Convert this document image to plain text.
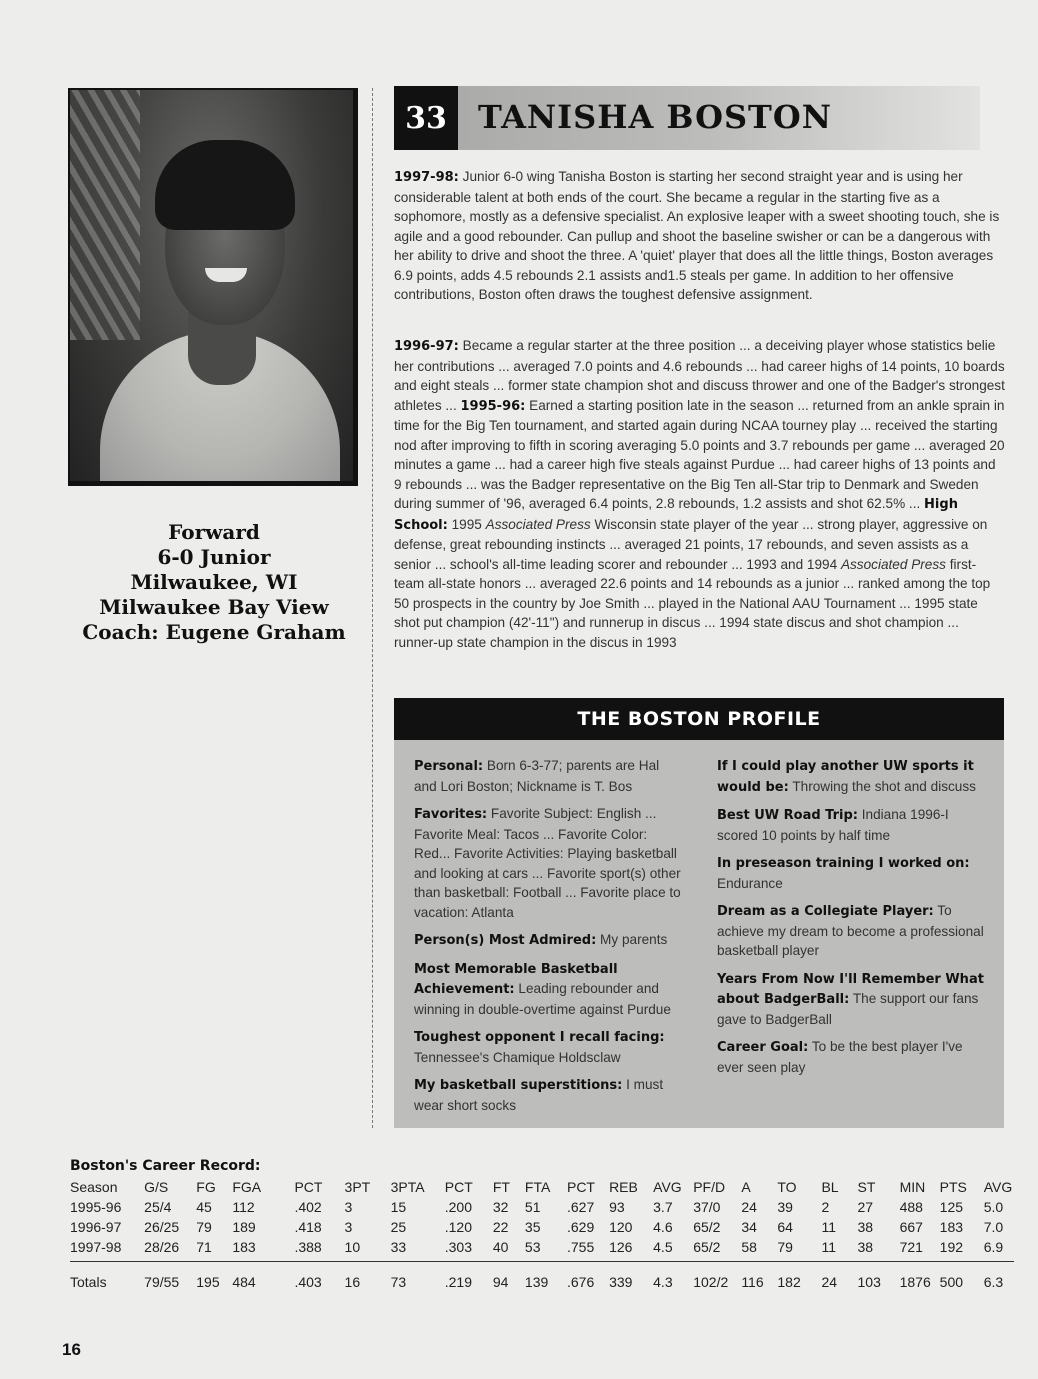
Forward
6-0 Junior
Milwaukee, WI
Milwaukee Bay View
Coach: Eugene Graham
33 TANISHA BOSTON
1997-98: Junior 6-0 wing Tanisha Boston is starting her second straight year and is using her considerable talent at both ends of the court. She became a regular in the starting five as a sophomore, mostly as a defensive specialist. An explosive leaper with a sweet shooting touch, she is agile and a good rebounder. Can pullup and shoot the baseline swisher or can be a dangerous with her ability to drive and shoot the three. A 'quiet' player that does all the little things, Boston averages 6.9 points, adds 4.5 rebounds 2.1 assists and1.5 steals per game. In addition to her offensive contributions, Boston often draws the toughest defensive assignment.
1996-97: Became a regular starter at the three position ... a deceiving player whose statistics belie her contributions ... averaged 7.0 points and 4.6 rebounds ... had career highs of 14 points, 10 boards and eight steals ... former state champion shot and discuss thrower and one of the Badger's strongest athletes ... 1995-96: Earned a starting position late in the season ... returned from an ankle sprain in time for the Big Ten tournament, and started again during NCAA tourney play ... received the starting nod after improving to fifth in scoring averaging 5.0 points and 3.7 rebounds per game ... averaged 20 minutes a game ... had a career high five steals against Purdue ... had career highs of 13 points and 9 rebounds ... was the Badger representative on the Big Ten all-Star trip to Denmark and Sweden during summer of '96, averaged 6.4 points, 2.8 rebounds, 1.2 assists and shot 62.5% ... High School: 1995 Associated Press Wisconsin state player of the year ... strong player, aggressive on defense, great rebounding instincts ... averaged 21 points, 17 rebounds, and seven assists as a senior ... school's all-time leading scorer and rebounder ... 1993 and 1994 Associated Press first-team all-state honors ... averaged 22.6 points and 14 rebounds as a junior ... ranked among the top 50 prospects in the country by Joe Smith ... played in the National AAU Tournament ... 1995 state shot put champion (42'-11") and runnerup in discus ... 1994 state discus and shot champion ... runner-up state champion in the discus in 1993
THE BOSTON PROFILE
Personal: Born 6-3-77; parents are Hal and Lori Boston; Nickname is T. Bos
Favorites: Favorite Subject: English ... Favorite Meal: Tacos ... Favorite Color: Red... Favorite Activities: Playing basketball and looking at cars ... Favorite sport(s) other than basketball: Football ... Favorite place to vacation: Atlanta
Person(s) Most Admired: My parents
Most Memorable Basketball Achievement: Leading rebounder and winning in double-overtime against Purdue
Toughest opponent I recall facing: Tennessee's Chamique Holdsclaw
My basketball superstitions: I must wear short socks
If I could play another UW sports it would be: Throwing the shot and discuss
Best UW Road Trip: Indiana 1996-I scored 10 points by half time
In preseason training I worked on: Endurance
Dream as a Collegiate Player: To achieve my dream to become a professional basketball player
Years From Now I'll Remember What about BadgerBall: The support our fans gave to BadgerBall
Career Goal: To be the best player I've ever seen play
Boston's Career Record:
Season	G/S	FG	FGA	PCT	3PT	3PTA	PCT	FT	FTA	PCT	REB	AVG	PF/D	A	TO	BL	ST	MIN	PTS	AVG
1995-96	25/4	45	112	.402	3	15	.200	32	51	.627	93	3.7	37/0	24	39	2	27	488	125	5.0
1996-97	26/25	79	189	.418	3	25	.120	22	35	.629	120	4.6	65/2	34	64	11	38	667	183	7.0
1997-98	28/26	71	183	.388	10	33	.303	40	53	.755	126	4.5	65/2	58	79	11	38	721	192	6.9

Totals	79/55	195	484	.403	16	73	.219	94	139	.676	339	4.3	102/2	116	182	24	103	1876	500	6.3
16
